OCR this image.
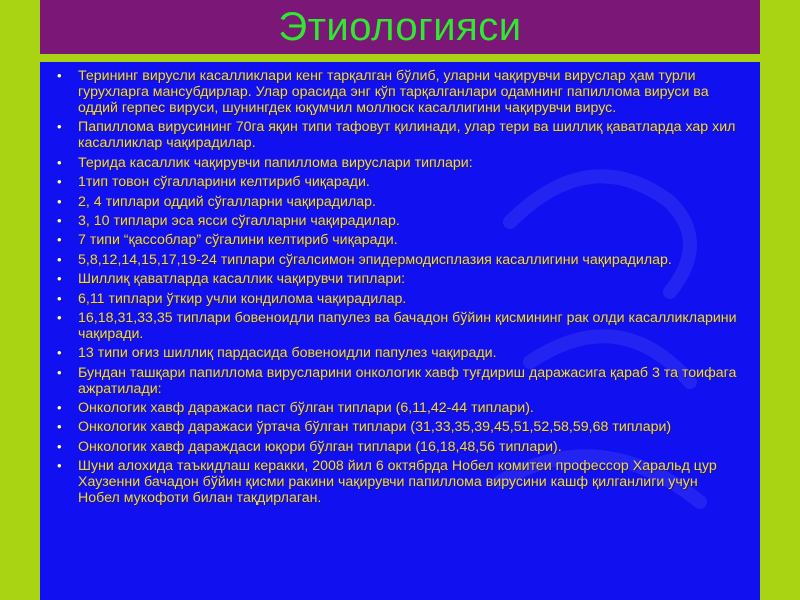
Этиологияси
• Терининг вирусли касалликлари кенг тарқалган бўлиб, уларни чақирувчи вируслар ҳам турли гурухларга мансубдирлар. Улар орасида энг кўп тарқалганлари одамнинг папиллома вируси ва оддий герпес вируси, шунингдек юқумчил моллюск касаллигини чақирувчи вирус.
• Папиллома вирусининг 70га яқин типи тафовут қилинади, улар тери ва шиллиқ қаватларда хар хил касалликлар чақирадилар.
• Терида касаллик чақирувчи папиллома вируслари типлари:
• 1тип товон сўгалларини келтириб чиқаради.
• 2, 4 типлари оддий сўгалларни чақирадилар.
• 3, 10 типлари эса ясси сўгалларни чақирадилар.
• 7 типи “қассоблар” сўгалини келтириб чиқаради.
• 5,8,12,14,15,17,19-24 типлари сўгалсимон эпидермодисплазия касаллигини чақирадилар.
• Шиллиқ қаватларда касаллик чақирувчи типлари:
• 6,11 типлари ўткир учли кондилома чақирадилар.
• 16,18,31,33,35 типлари бовеноидли папулез ва бачадон бўйин қисмининг рак олди касалликларини чақиради.
• 13 типи оғиз шиллиқ пардасида бовеноидли папулез чақиради.
• Бундан ташқари папиллома вирусларини онкологик хавф туғдириш даражасига қараб 3 та тоифага ажратилади:
• Онкологик хавф даражаси паст бўлган типлари (6,11,42-44 типлари).
• Онкологик хавф даражаси ўртача бўлган типлари (31,33,35,39,45,51,52,58,59,68 типлари)
• Онкологик хавф дараждаси юқори бўлган типлари (16,18,48,56 типлари).
• Шуни алохида таъкидлаш керакки, 2008 йил 6 октябрда Нобел комитеи профессор Харальд цур Хаузенни бачадон бўйин қисми ракини чақирувчи папиллома вирусини кашф қилганлиги учун Нобел мукофоти билан тақдирлаган.
